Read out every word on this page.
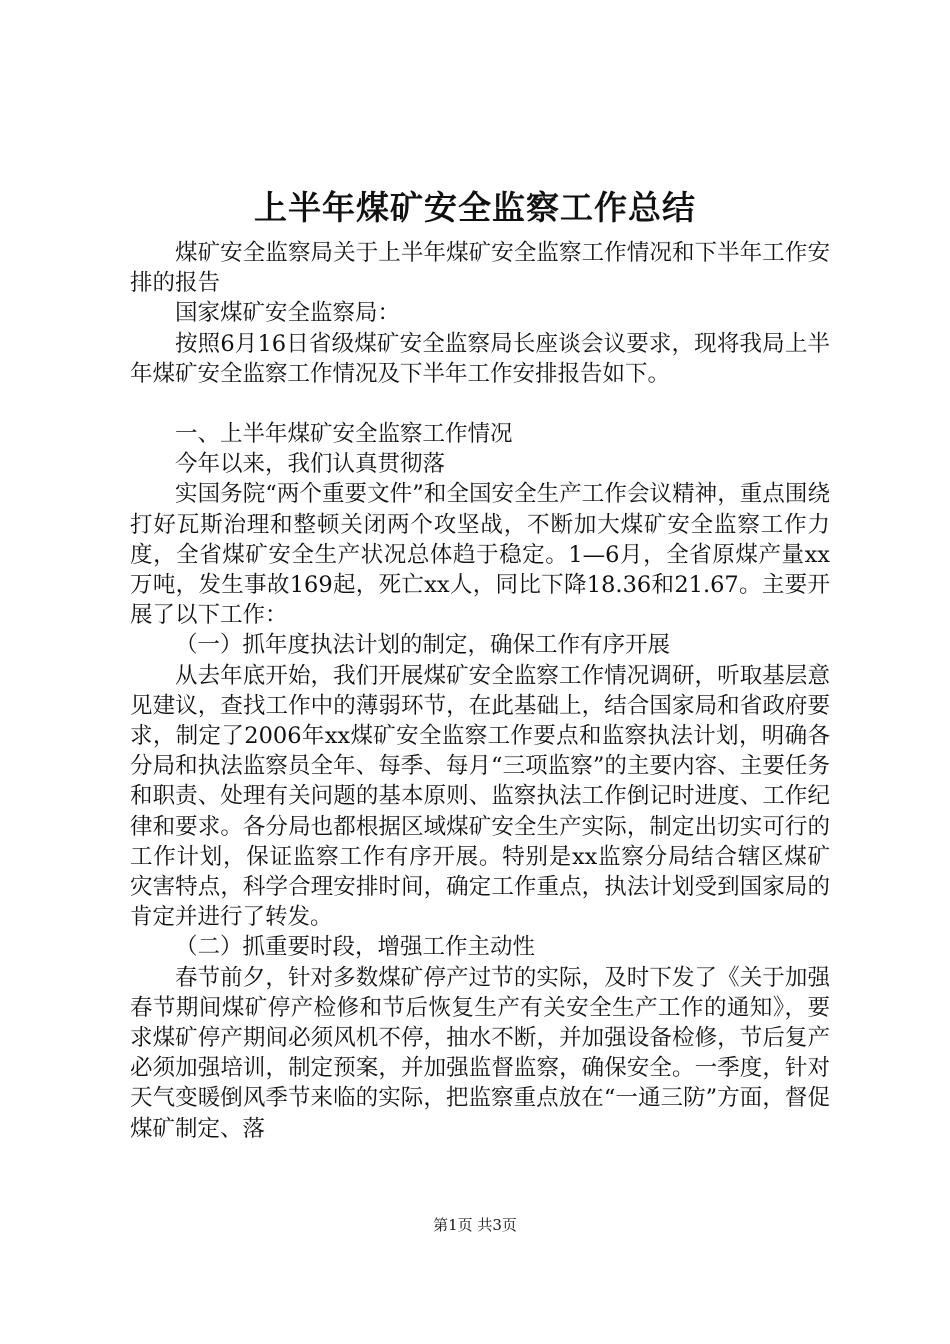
上半年煤矿安全监察工作总结

煤矿安全监察局关于上半年煤矿安全监察工作情况和下半年工作安排的报告

国家煤矿安全监察局：

按照6月16日省级煤矿安全监察局长座谈会议要求，现将我局上半年煤矿安全监察工作情况及下半年工作安排报告如下。

一、上半年煤矿安全监察工作情况

今年以来，我们认真贯彻落

实国务院“两个重要文件”和全国安全生产工作会议精神，重点围绕打好瓦斯治理和整顿关闭两个攻坚战，不断加大煤矿安全监察工作力度，全省煤矿安全生产状况总体趋于稳定。1—6月，全省原煤产量xx万吨，发生事故169起，死亡xx人，同比下降18.36和21.67。主要开展了以下工作：

（一）抓年度执法计划的制定，确保工作有序开展

从去年底开始，我们开展煤矿安全监察工作情况调研，听取基层意见建议，查找工作中的薄弱环节，在此基础上，结合国家局和省政府要求，制定了2006年xx煤矿安全监察工作要点和监察执法计划，明确各分局和执法监察员全年、每季、每月“三项监察”的主要内容、主要任务和职责、处理有关问题的基本原则、监察执法工作倒记时进度、工作纪律和要求。各分局也都根据区域煤矿安全生产实际，制定出切实可行的工作计划，保证监察工作有序开展。特别是xx监察分局结合辖区煤矿灾害特点，科学合理安排时间，确定工作重点，执法计划受到国家局的肯定并进行了转发。

（二）抓重要时段，增强工作主动性

春节前夕，针对多数煤矿停产过节的实际，及时下发了《关于加强春节期间煤矿停产检修和节后恢复生产有关安全生产工作的通知》，要求煤矿停产期间必须风机不停，抽水不断，并加强设备检修，节后复产必须加强培训，制定预案，并加强监督监察，确保安全。一季度，针对天气变暖倒风季节来临的实际，把监察重点放在“一通三防”方面，督促煤矿制定、落

第1页 共3页
